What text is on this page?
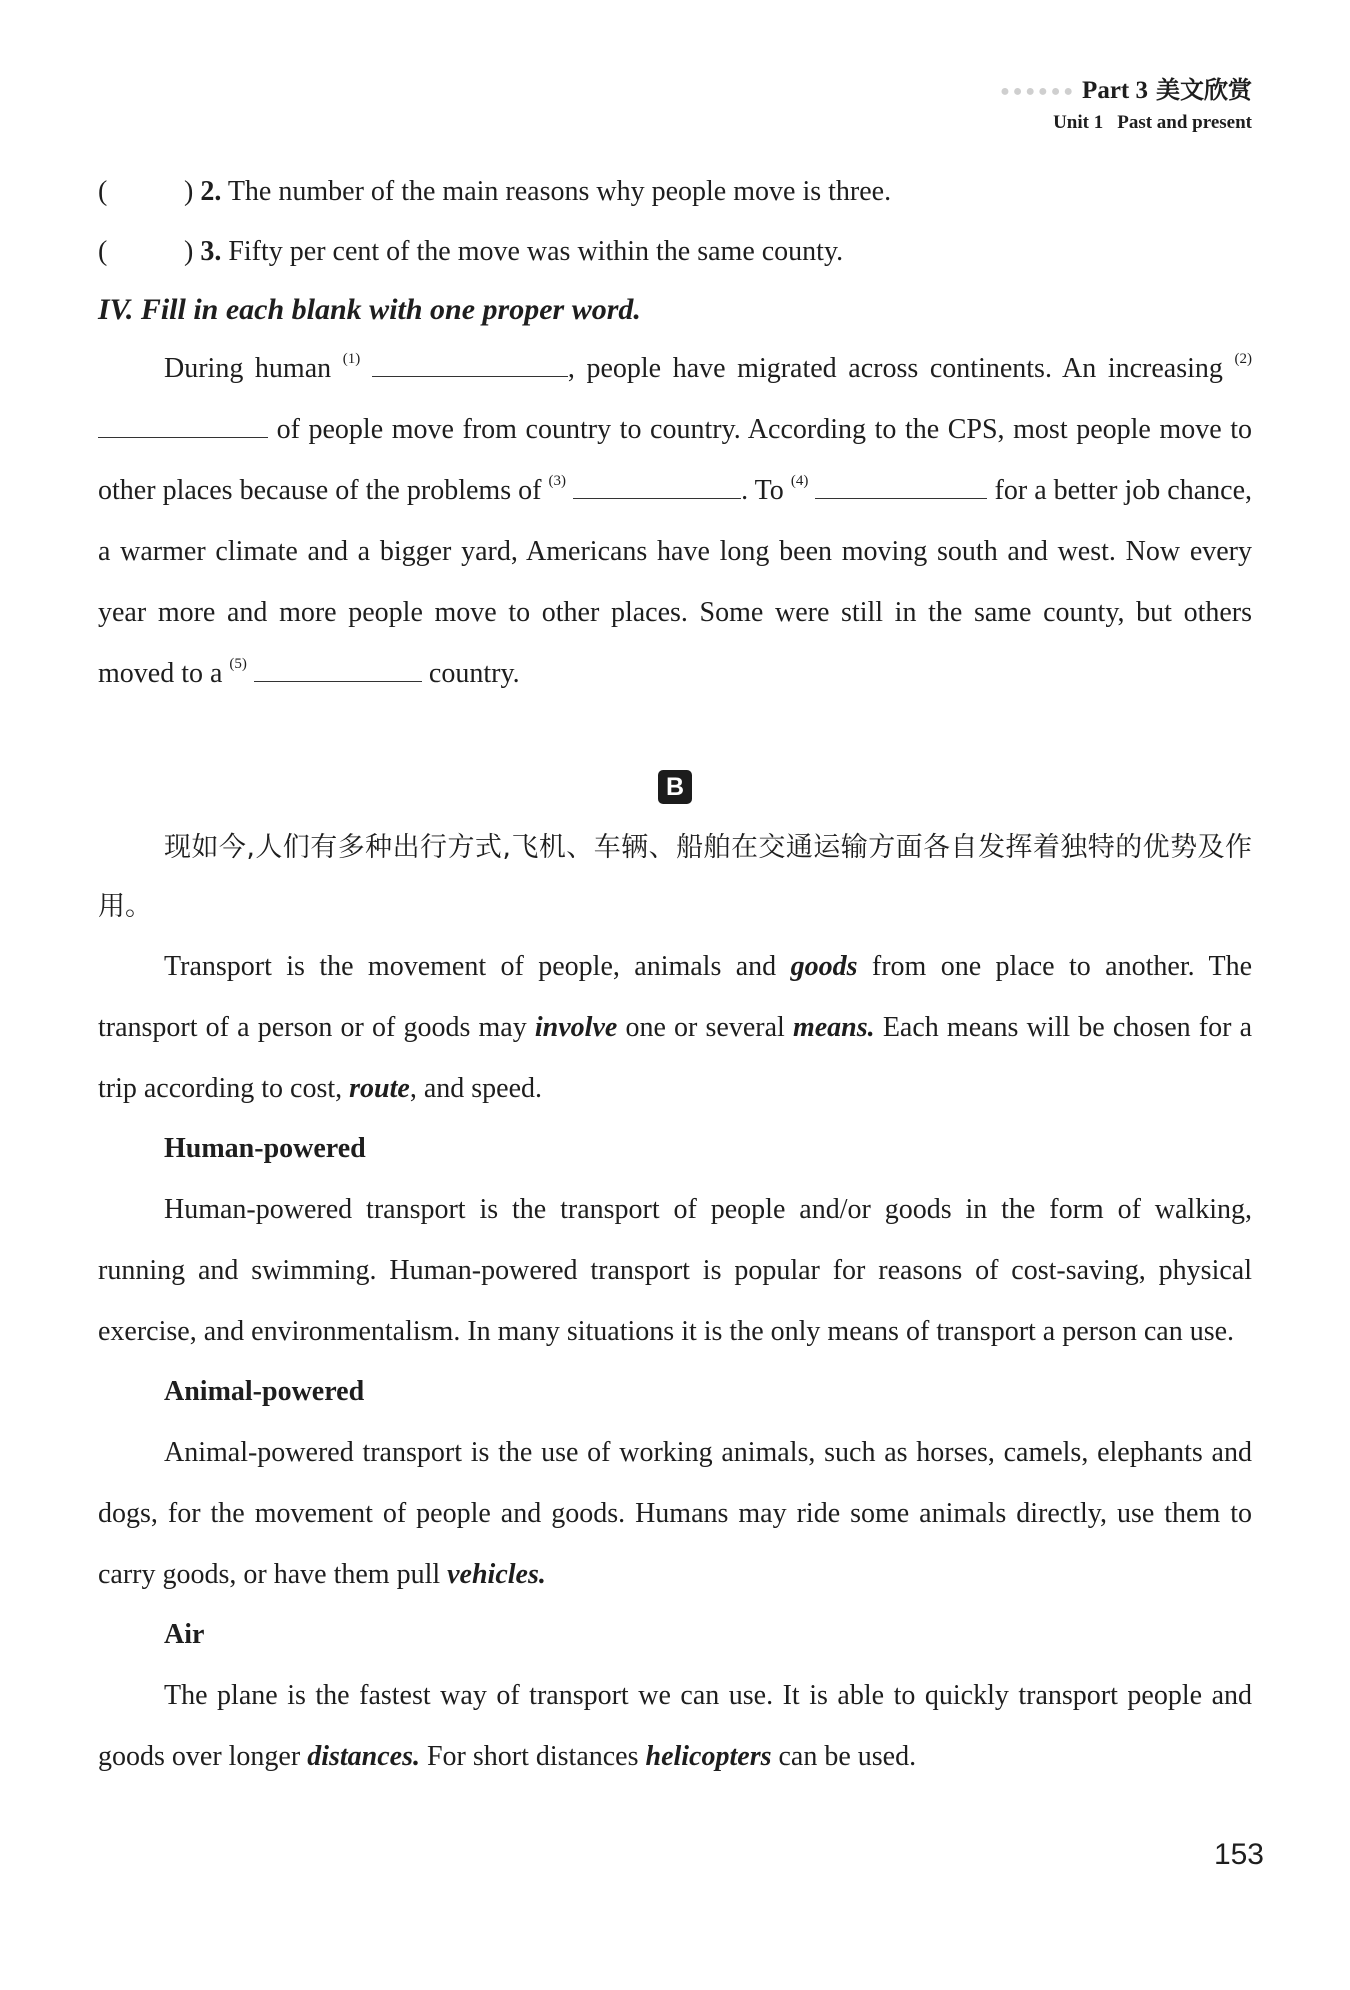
●●●●●● Part 3 美文欣赏
Unit 1 Past and present
(	) 2. The number of the main reasons why people move is three.
(	) 3. Fifty per cent of the move was within the same county.

IV. Fill in each blank with one proper word.

During human $^{(1)}$	, people have migrated across continents. An increasing $^{(2)}$  of people move from country to country. According to the CPS, most people move to other places because of the problems of $^{(3)}$	. To $^{(4)}$	for a better job chance, a warmer climate and a bigger yard, Americans have long been moving south and west. Now every year more and more people move to other places. Some were still in the same county, but others moved to a $^{(5)}$	country.

B

现如今,人们有多种出行方式,飞机、车辆、船舶在交通运输方面各自发挥着独特的优势及作用。

Transport is the movement of people, animals and goods from one place to another. The transport of a person or of goods may involve one or several means. Each means will be chosen for a trip according to cost, route, and speed.

Human-powered

Human-powered transport is the transport of people and/or goods in the form of walking, running and swimming. Human-powered transport is popular for reasons of cost-saving, physical exercise, and environmentalism. In many situations it is the only means of transport a person can use.

Animal-powered

Animal-powered transport is the use of working animals, such as horses, camels, elephants and dogs, for the movement of people and goods. Humans may ride some animals directly, use them to carry goods, or have them pull vehicles.

Air

The plane is the fastest way of transport we can use. It is able to quickly transport people and goods over longer distances. For short distances helicopters can be used.

153
